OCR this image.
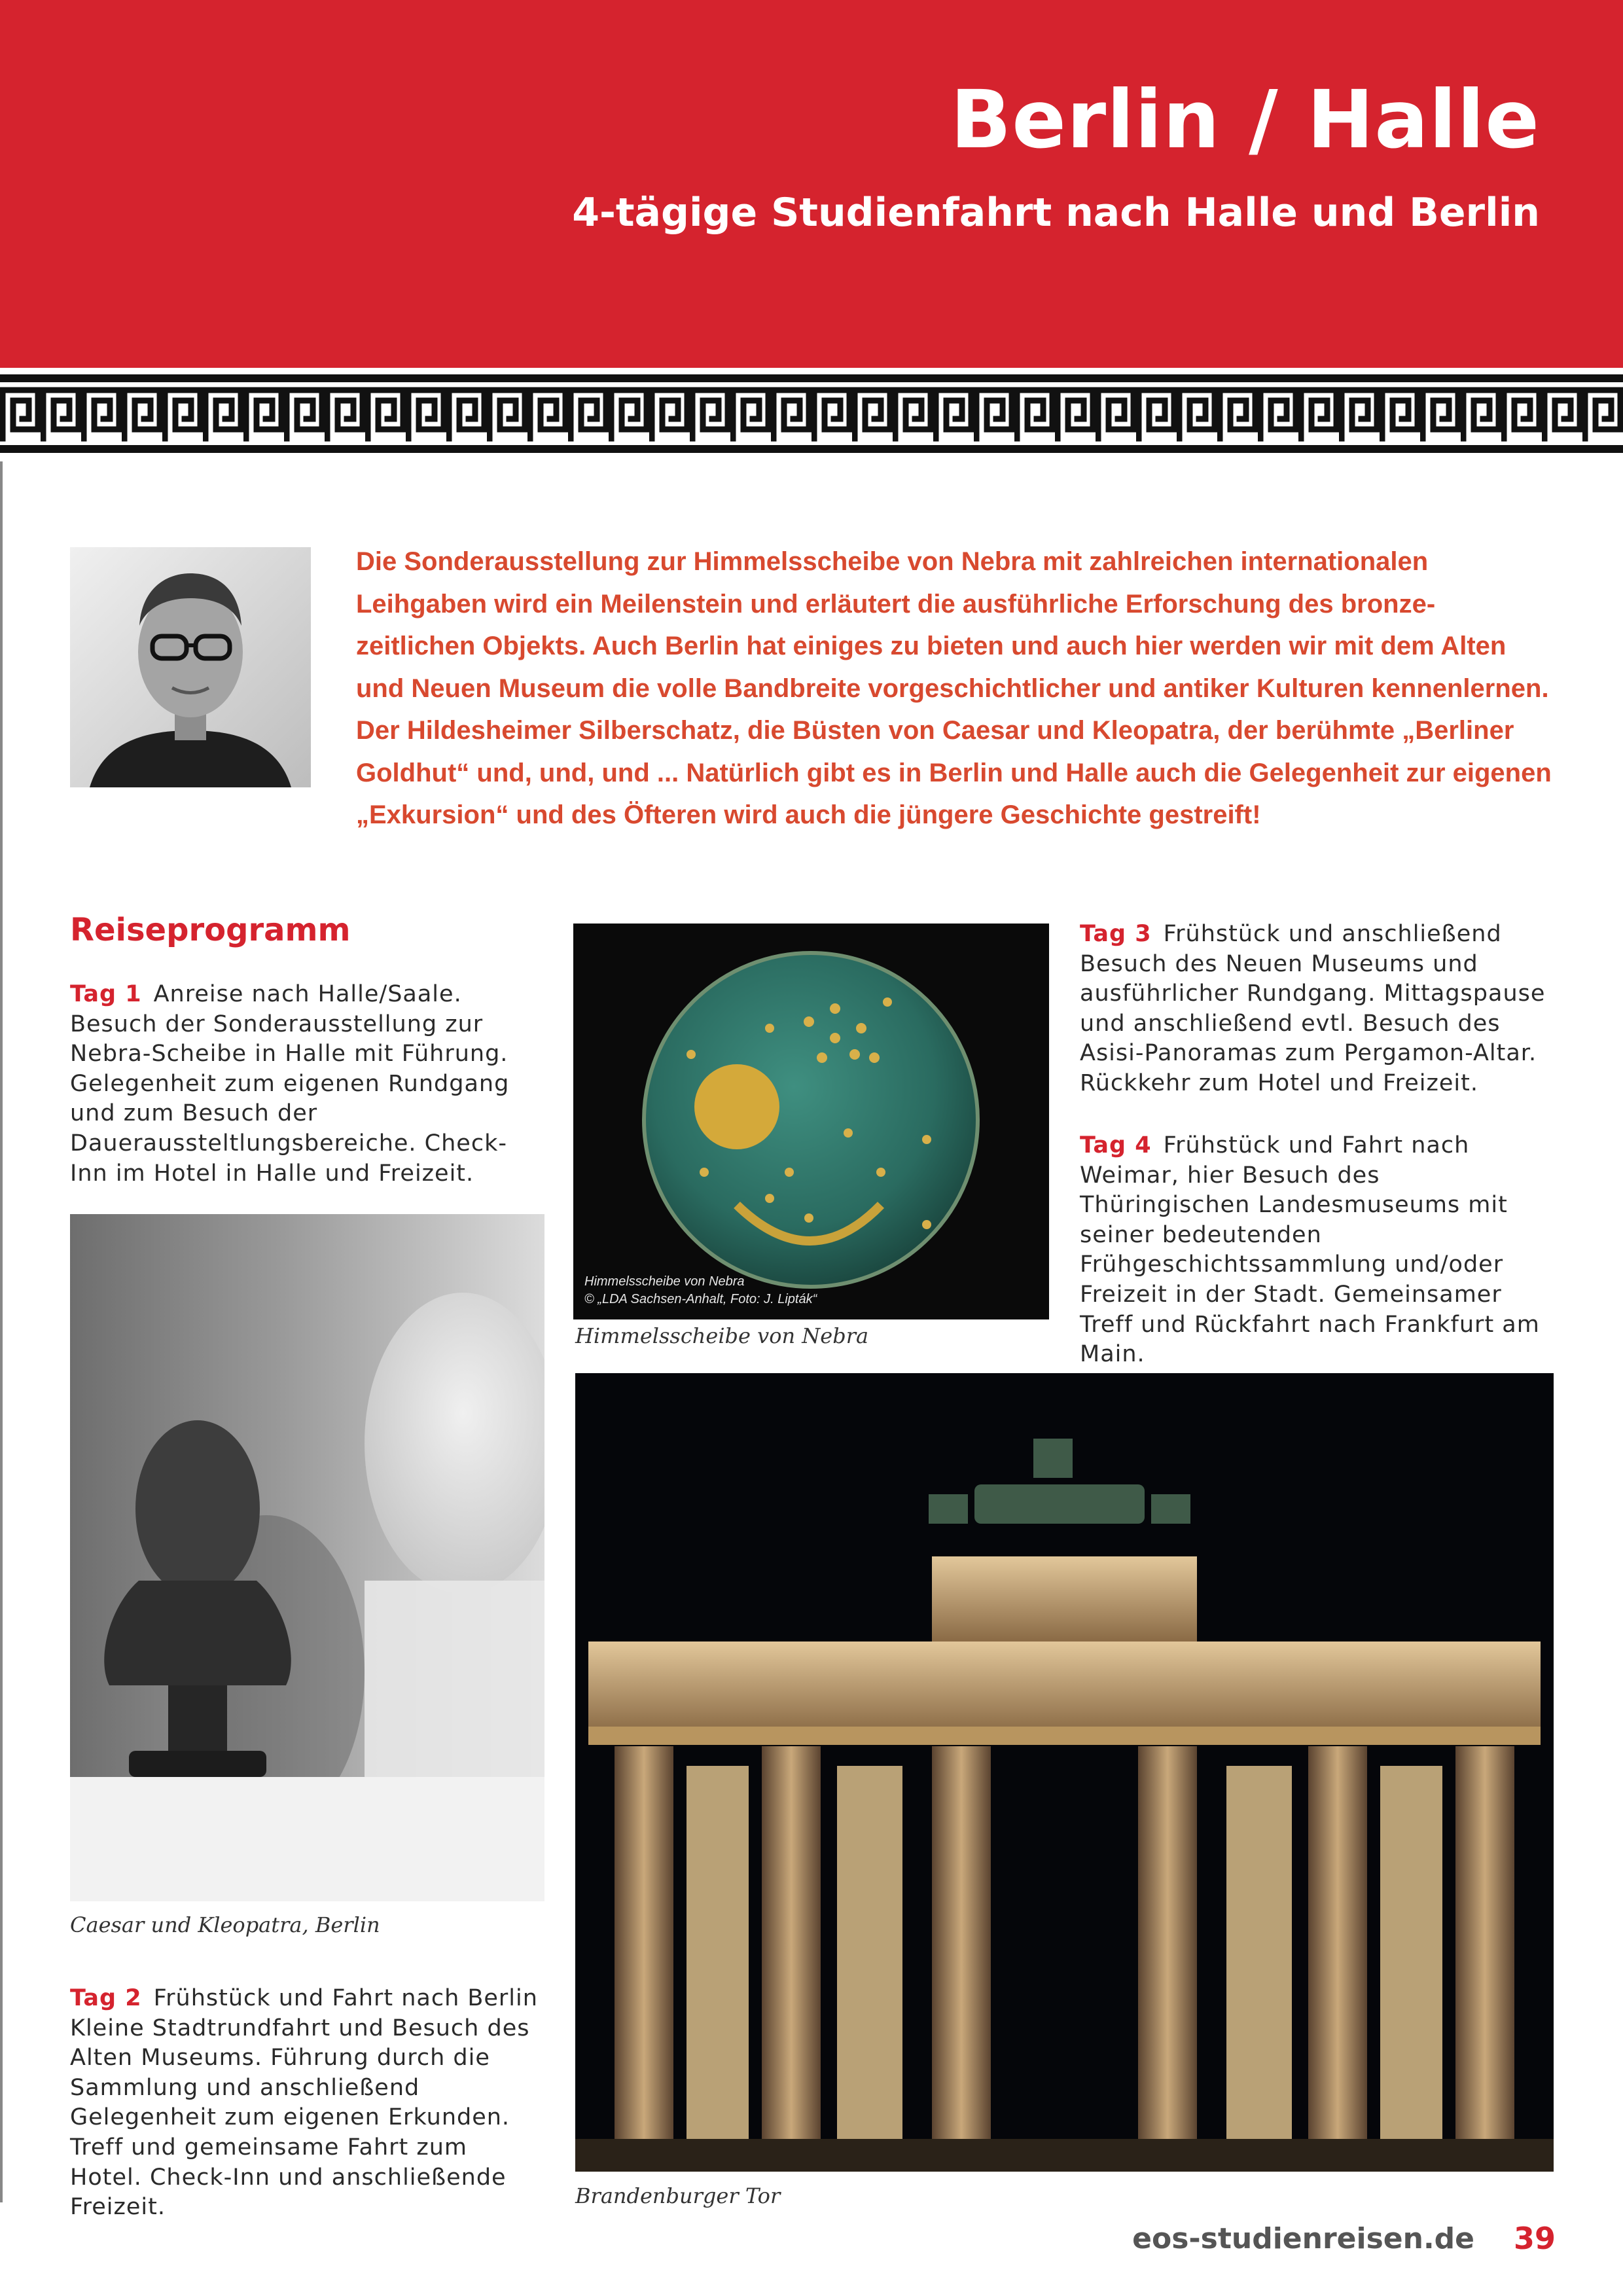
Berlin / Halle
4-tägige Studienfahrt nach Halle und Berlin
Die Sonderausstellung zur Himmelsscheibe von Nebra mit zahlreichen internationalen Leihgaben wird ein Meilenstein und erläutert die ausführliche Erforschung des bronze-zeitlichen Objekts. Auch Berlin hat einiges zu bieten und auch hier werden wir mit dem Alten und Neuen Museum die volle Bandbreite vorgeschichtlicher und antiker Kulturen kennenlernen. Der Hildesheimer Silberschatz, die Büsten von Caesar und Kleopatra, der berühmte „Berliner Goldhut“ und, und, und ... Natürlich gibt es in Berlin und Halle auch die Gelegenheit zur eigenen „Exkursion“ und des Öfteren wird auch die jüngere Geschichte gestreift!
Reiseprogramm
Tag 1 Anreise nach Halle/Saale. Besuch der Sonderausstellung zur Nebra-Scheibe in Halle mit Führung. Gelegenheit zum eigenen Rundgang und zum Besuch der Daueraussteltlungsbereiche. Check-Inn im Hotel in Halle und Freizeit.
Caesar und Kleopatra, Berlin
Tag 2 Frühstück und Fahrt nach Berlin Kleine Stadtrundfahrt und Besuch des Alten Museums. Führung durch die Sammlung und anschließend Gelegenheit zum eigenen Erkunden. Treff und gemeinsame Fahrt zum Hotel. Check-Inn und anschließende Freizeit.
Himmelsscheibe von Nebra
© „LDA Sachsen-Anhalt, Foto: J. Lipták“
Himmelsscheibe von Nebra
Tag 3 Frühstück und anschließend Besuch des Neuen Museums und ausführlicher Rundgang. Mittagspause und anschließend evtl. Besuch des Asisi-Panoramas zum Pergamon-Altar. Rückkehr zum Hotel und Freizeit.
Tag 4 Frühstück und Fahrt nach Weimar, hier Besuch des Thüringischen Landesmuseums mit seiner bedeutenden Frühgeschichtssammlung und/oder Freizeit in der Stadt. Gemeinsamer Treff und Rückfahrt nach Frankfurt am Main.
Brandenburger Tor
eos-studienreisen.de 39
